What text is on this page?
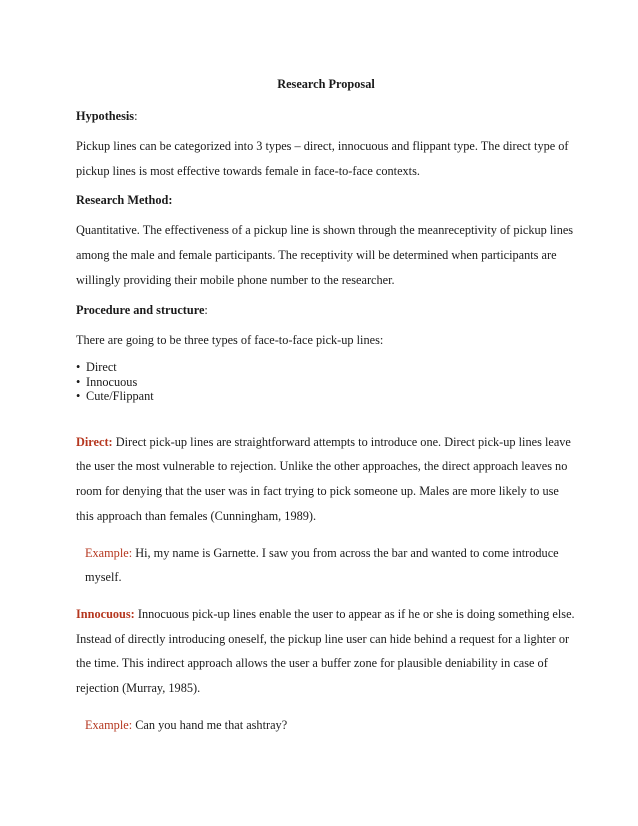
Research Proposal

Hypothesis:

Pickup lines can be categorized into 3 types – direct, innocuous and flippant type. The direct type of pickup lines is most effective towards female in face-to-face contexts.

Research Method:

Quantitative. The effectiveness of a pickup line is shown through the meanreceptivity of pickup lines among the male and female participants. The receptivity will be determined when participants are willingly providing their mobile phone number to the researcher.

Procedure and structure:

There are going to be three types of face-to-face pick-up lines:

• Direct
• Innocuous
• Cute/Flippant

Direct: Direct pick-up lines are straightforward attempts to introduce one. Direct pick-up lines leave the user the most vulnerable to rejection. Unlike the other approaches, the direct approach leaves no room for denying that the user was in fact trying to pick someone up. Males are more likely to use this approach than females (Cunningham, 1989).

Example: Hi, my name is Garnette. I saw you from across the bar and wanted to come introduce myself.

Innocuous: Innocuous pick-up lines enable the user to appear as if he or she is doing something else. Instead of directly introducing oneself, the pickup line user can hide behind a request for a lighter or the time. This indirect approach allows the user a buffer zone for plausible deniability in case of rejection (Murray, 1985).

Example: Can you hand me that ashtray?
